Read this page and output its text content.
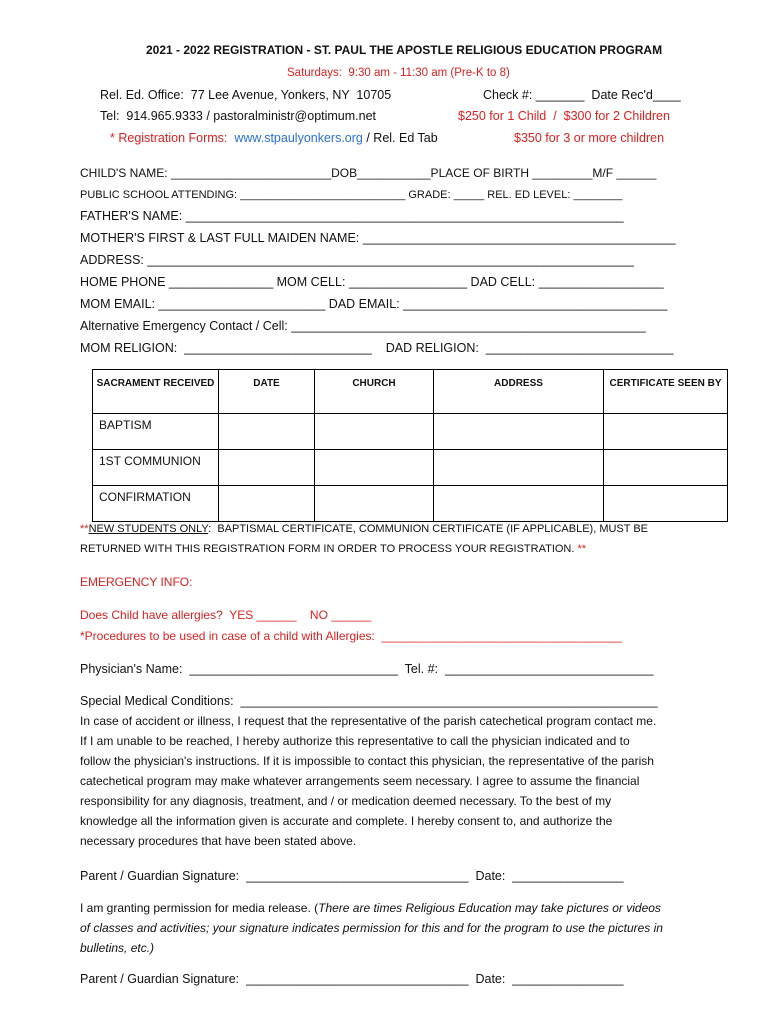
2021 - 2022 REGISTRATION - ST. PAUL THE APOSTLE RELIGIOUS EDUCATION PROGRAM
Saturdays:  9:30 am - 11:30 am (Pre-K to 8)
Rel. Ed. Office:  77 Lee Avenue, Yonkers, NY  10705	Check #: _______  Date Rec'd____
Tel:  914.965.9333 / pastoralministr@optimum.net	$250 for 1 Child  /  $300 for 2 Children
* Registration Forms:  www.stpaulyonkers.org / Rel. Ed Tab	$350 for 3 or more children
CHILD'S NAME: ________________________DOB___________PLACE OF BIRTH _________M/F ______
PUBLIC SCHOOL ATTENDING: ___________________________ GRADE: _____ REL. ED LEVEL: ________
FATHER'S NAME: _______________________________________________________________
MOTHER'S FIRST & LAST FULL MAIDEN NAME: _____________________________________________
ADDRESS: ______________________________________________________________________
HOME PHONE _______________ MOM CELL: _________________ DAD CELL: __________________
MOM EMAIL: ________________________ DAD EMAIL: ______________________________________
Alternative Emergency Contact / Cell: ___________________________________________________
MOM RELIGION:  ___________________________    DAD RELIGION:  ___________________________
SACRAMENT RECEIVED	DATE	CHURCH	ADDRESS	CERTIFICATE SEEN BY
BAPTISM				
1ST COMMUNION				
CONFIRMATION				
**NEW STUDENTS ONLY:  BAPTISMAL CERTIFICATE, COMMUNION CERTIFICATE (IF APPLICABLE), MUST BE
RETURNED WITH THIS REGISTRATION FORM IN ORDER TO PROCESS YOUR REGISTRATION. **
EMERGENCY INFO:
Does Child have allergies?  YES ______    NO ______
*Procedures to be used in case of a child with Allergies:  ____________________________________
Physician's Name:  ______________________________  Tel. #:  ______________________________
Special Medical Conditions:  ____________________________________________________________
In case of accident or illness, I request that the representative of the parish catechetical program contact me.
If I am unable to be reached, I hereby authorize this representative to call the physician indicated and to
follow the physician's instructions. If it is impossible to contact this physician, the representative of the parish
catechetical program may make whatever arrangements seem necessary. I agree to assume the financial
responsibility for any diagnosis, treatment, and / or medication deemed necessary. To the best of my
knowledge all the information given is accurate and complete. I hereby consent to, and authorize the
necessary procedures that have been stated above.
Parent / Guardian Signature:  ________________________________  Date:  ________________
I am granting permission for media release. (There are times Religious Education may take pictures or videos
of classes and activities; your signature indicates permission for this and for the program to use the pictures in
bulletins, etc.)
Parent / Guardian Signature:  ________________________________  Date:  ________________
